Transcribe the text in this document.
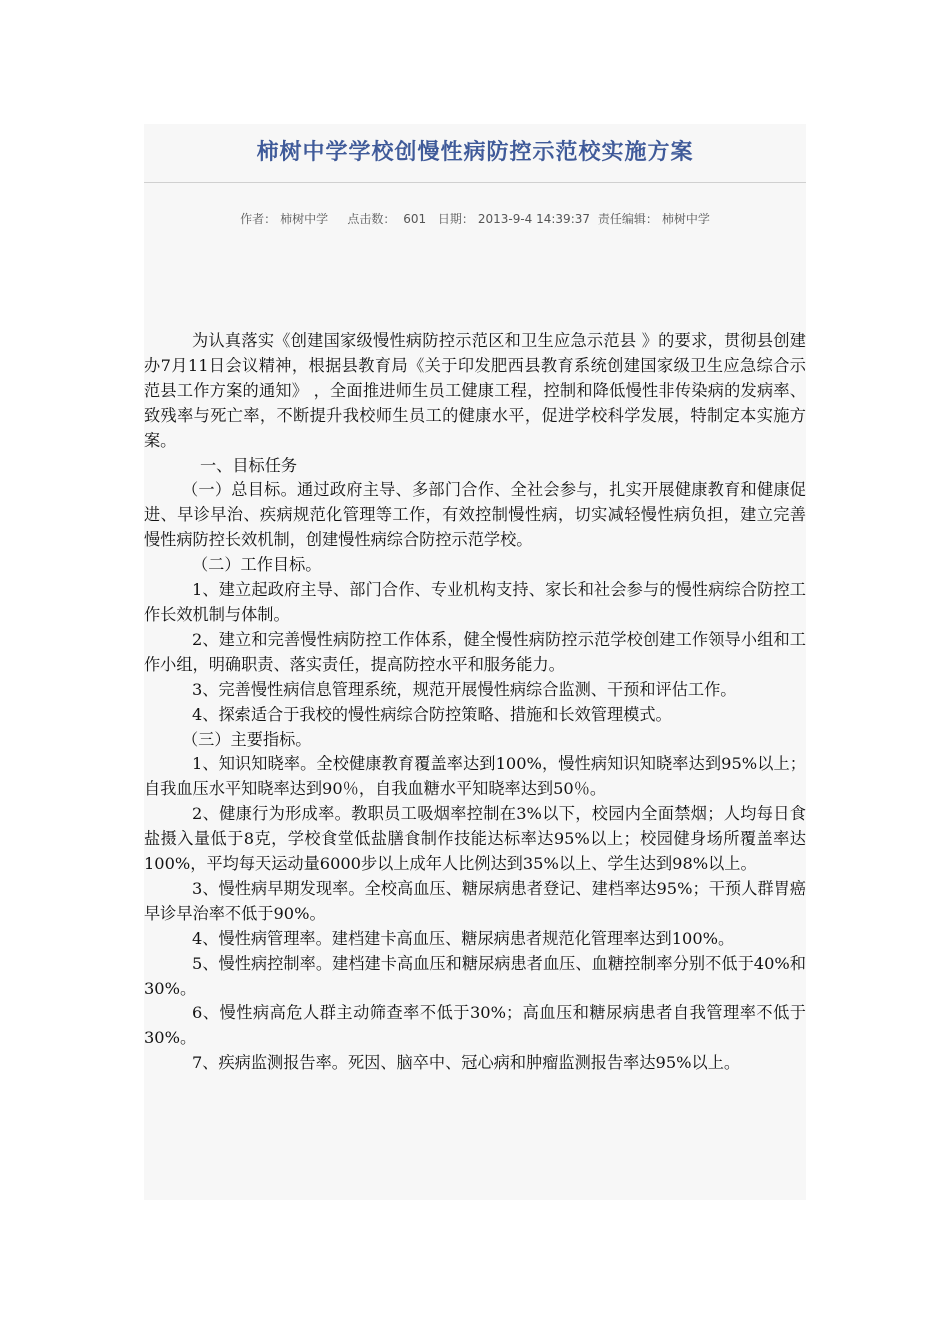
柿树中学学校创慢性病防控示范校实施方案
作者： 柿树中学 点击数： 601 日期： 2013-9-4 14:39:37 责任编辑： 柿树中学

为认真落实《创建国家级慢性病防控示范区和卫生应急示范县 》的要求，贯彻县创建办7月11日会议精神，根据县教育局《关于印发肥西县教育系统创建国家级卫生应急综合示范县工作方案的通知》 ，全面推进师生员工健康工程，控制和降低慢性非传染病的发病率、致残率与死亡率，不断提升我校师生员工的健康水平，促进学校科学发展，特制定本实施方案。

一、目标任务

（一）总目标。通过政府主导、多部门合作、全社会参与，扎实开展健康教育和健康促进、早诊早治、疾病规范化管理等工作，有效控制慢性病，切实减轻慢性病负担，建立完善慢性病防控长效机制，创建慢性病综合防控示范学校。

（二）工作目标。

1、建立起政府主导、部门合作、专业机构支持、家长和社会参与的慢性病综合防控工作长效机制与体制。

2、建立和完善慢性病防控工作体系，健全慢性病防控示范学校创建工作领导小组和工作小组，明确职责、落实责任，提高防控水平和服务能力。

3、完善慢性病信息管理系统，规范开展慢性病综合监测、干预和评估工作。

4、探索适合于我校的慢性病综合防控策略、措施和长效管理模式。

（三）主要指标。

1、知识知晓率。全校健康教育覆盖率达到100%，慢性病知识知晓率达到95%以上；自我血压水平知晓率达到90％，自我血糖水平知晓率达到50％。

2、健康行为形成率。教职员工吸烟率控制在3%以下，校园内全面禁烟；人均每日食盐摄入量低于8克，学校食堂低盐膳食制作技能达标率达95%以上；校园健身场所覆盖率达100%，平均每天运动量6000步以上成年人比例达到35%以上、学生达到98%以上。

3、慢性病早期发现率。全校高血压、糖尿病患者登记、建档率达95%；干预人群胃癌早诊早治率不低于90%。

4、慢性病管理率。建档建卡高血压、糖尿病患者规范化管理率达到100%。

5、慢性病控制率。建档建卡高血压和糖尿病患者血压、血糖控制率分别不低于40%和30%。

6、慢性病高危人群主动筛查率不低于30%；高血压和糖尿病患者自我管理率不低于30%。

7、疾病监测报告率。死因、脑卒中、冠心病和肿瘤监测报告率达95%以上。
